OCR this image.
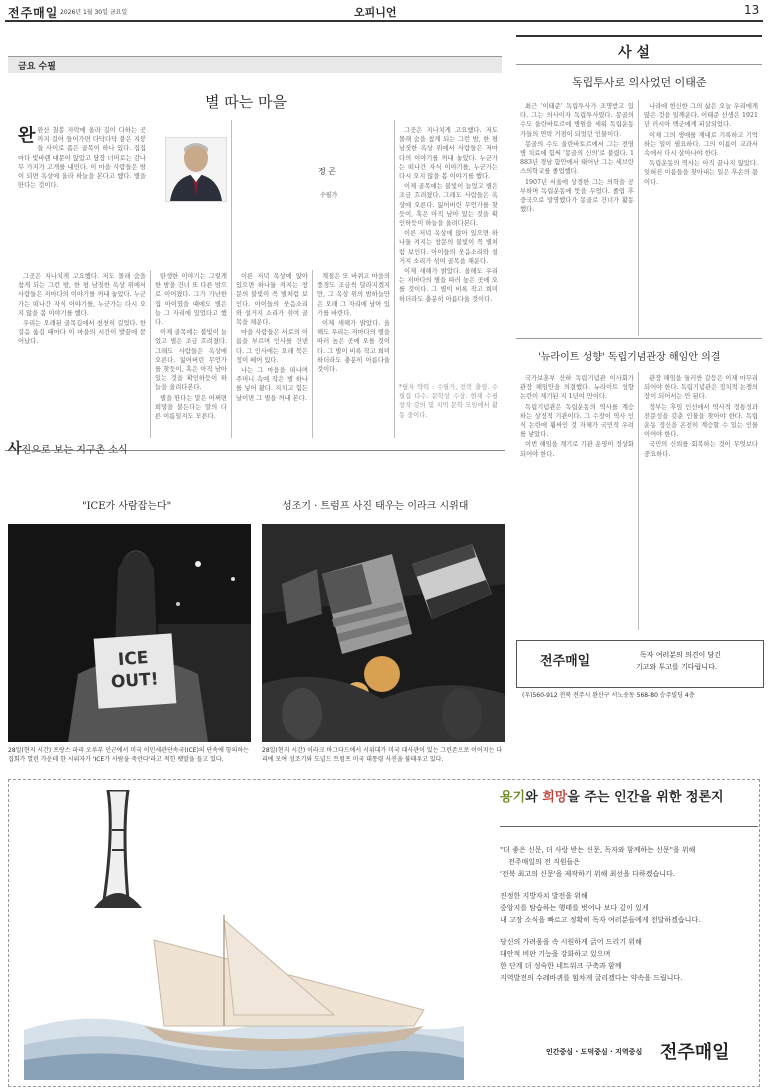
전주매일 2026년 1월 30일 금요일	오피니언	13
금요 수필
별 따는 마을
완 완산 칠봉 자락에 올라 길이 다하는 곳까지 걸어 들어가면 다닥다닥 붙은 지붕들 사이로 좁은 골목이 하나 있다. 집집마다 빛바랜 대문이 앉았고 담장 너머로는 감나무 가지가 고개를 내민다. 이 마을 사람들은 밤이 되면 옥상에 올라 하늘을 본다고 했다. 별을 딴다는 것이다.
정 곤
수필가

그곳은 지나치게 고요했다. 저도 몰래 숨을 참게 되는 그런 밤, 한 평 남짓한 옥상 위에서 사람들은 저마다의 이야기를 꺼내 놓았다. 누군가는 떠나간 자식 이야기를, 누군가는 다시 오지 않을 봄 이야기를 했다.

우리는 오래된 골목길에서 천천히 걸었다. 한 걸음 옮길 때마다 이 마을의 시간이 발끝에 묻어났다.

탄생한 이야기는 그렇게 한 밤을 건너 또 다른 밤으로 이어졌다. 그가 가난한 집 아이였을 때에도 별은 늘 그 자리에 있었다고 했다.

이제 골목에는 불빛이 늘었고 별은 조금 흐려졌다. 그래도 사람들은 옥상에 오른다. 잃어버린 무언가를 찾듯이, 혹은 아직 남아 있는 것을 확인하듯이 하늘을 올려다본다.

별을 딴다는 말은 어쩌면 희망을 붙든다는 말의 다른 이름일지도 모른다.

이른 저녁 옥상에 앉아 있으면 하나둘 켜지는 창문의 불빛이 꼭 별처럼 보인다. 아이들의 웃음소리와 설거지 소리가 섞여 골목을 채운다.

마을 사람들은 서로의 이름을 부르며 인사를 건넨다. 그 인사에는 오래 묵은 정이 배어 있다.

나는 그 마을을 떠나며 주머니 속에 작은 별 하나를 넣어 왔다. 지치고 힘든 날이면 그 별을 꺼내 본다.

계절은 또 바뀌고 마을의 풍경도 조금씩 달라지겠지만, 그 옥상 위의 밤하늘만은 오래 그 자리에 남아 있기를 바란다.

이제 새해가 밝았다. 올해도 우리는 저마다의 별을 따러 높은 곳에 오를 것이다. 그 별이 비록 작고 희미하더라도 충분히 아름다울 것이다.

그곳은 지나치게 고요했다. 저도 몰래 숨을 참게 되는 그런 밤, 한 평 남짓한 옥상 위에서 사람들은 저마다의 이야기를 꺼내 놓았다. 누군가는 떠나간 자식 이야기를, 누군가는 다시 오지 않을 봄 이야기를 했다.

이제 골목에는 불빛이 늘었고 별은 조금 흐려졌다. 그래도 사람들은 옥상에 오른다. 잃어버린 무언가를 찾듯이, 혹은 아직 남아 있는 것을 확인하듯이 하늘을 올려다본다.

이른 저녁 옥상에 앉아 있으면 하나둘 켜지는 창문의 불빛이 꼭 별처럼 보인다. 아이들의 웃음소리와 설거지 소리가 섞여 골목을 채운다.

이제 새해가 밝았다. 올해도 우리는 저마다의 별을 따러 높은 곳에 오를 것이다. 그 별이 비록 작고 희미하더라도 충분히 아름다울 것이다.

*필자 약력 : 수필가, 전북 출생. 수필집 다수. 문학상 수상. 현재 수필 창작 강의 및 지역 문학 모임에서 활동 중이다.
사 설
독립투사로 의사었던 이태준

최근 '이태준' 독립투사가 조명받고 있다. 그는 의사이자 독립투사였다. 몽골의 수도 울란바토르에 병원을 세워 독립운동가들의 연락 거점이 되었던 인물이다.

몽골의 수도 울란바토르에서 그는 전염병 치료에 힘써 '몽골의 신의'로 불렸다. 1883년 경남 함안에서 태어난 그는 세브란스의학교를 졸업했다.

1907년 서울에 상경한 그는 의학을 공부하며 독립운동에 뜻을 두었다. 졸업 후 중국으로 망명했다가 몽골로 건너가 활동했다.

나라에 헌신한 그의 삶은 오늘 우리에게 많은 것을 일깨운다. 이태준 선생은 1921년 러시아 백군에게 피살되었다.

이제 그의 생애를 제대로 기록하고 기억하는 일이 필요하다. 그의 이름이 교과서 속에서 다시 살아나야 한다.

독립운동의 역사는 아직 끝나지 않았다. 잊혀진 이름들을 찾아내는 일은 후손의 몫이다.

'뉴라이트 성향' 독립기념관장 해임안 의결

국가보훈부 산하 독립기념관 이사회가 관장 해임안을 의결했다. 뉴라이트 성향 논란이 제기된 지 1년여 만이다.

독립기념관은 독립운동의 역사를 계승하는 상징적 기관이다. 그 수장이 역사 인식 논란에 휩싸인 것 자체가 국민적 우려를 낳았다.

이번 해임을 계기로 기관 운영이 정상화되어야 한다.

관장 해임을 둘러싼 갈등은 이제 마무리되어야 한다. 독립기념관은 정치적 논쟁의 장이 되어서는 안 된다.

정부는 후임 인선에서 역사적 정통성과 전문성을 갖춘 인물을 찾아야 한다. 독립운동 정신을 온전히 계승할 수 있는 인물이어야 한다.

국민의 신뢰를 회복하는 것이 무엇보다 중요하다.

전주매일	독자 여러분의 의견이 담긴
기고와 투고를 기다립니다.
(우)560-912 전북 전주시 완산구 서노송동 568-80 승주빌딩 4층
사진으로 보는 지구촌 소식
"ICE가 사람잡는다"	성조기 · 트럼프 사진 태우는 이라크 시위대
ICE OUT!
28일(현지 시간) 프랑스 파리 오루부 인근에서 미국 이민세관단속국(ICE)의 단속에 항의하는 집회가 열린 가운데 한 시위자가 'ICE가 사람을 죽인다'라고 적힌 팻말을 들고 있다.
28일(현지 시간) 이라크 바그다드에서 시위대가 미국 대사관이 있는 그린존으로 이어지는 다리에 모여 성조기와 도널드 트럼프 미국 대통령 사진을 불태우고 있다.
용기와 희망을 주는 인간을 위한 정론지
"더 좋은 신문, 더 사랑 받는 신문, 독자와 함께하는 신문"을 위해
전주매일의 전 직원들은
'전북 최고의 신문'을 제작하기 위해 최선을 다하겠습니다.
진정한 지방자치 발전을 위해
중앙지를 탐습하는 행태를 벗어나 보다 깊이 있게
내 고장 소식을 빠르고 정확히 독자 여러분들에게 전달하겠습니다.
당신의 가려움을 속 시원하게 긁어 드리기 위해
대안적 비판 기능을 강화하고 있으며
한 단계 더 성숙한 네트워크 구축과 함께
지역발전의 수레바퀴를 힘차게 굴리겠다는 약속을 드립니다.
인간중심 · 도덕중심 · 지역중심 전주매일
